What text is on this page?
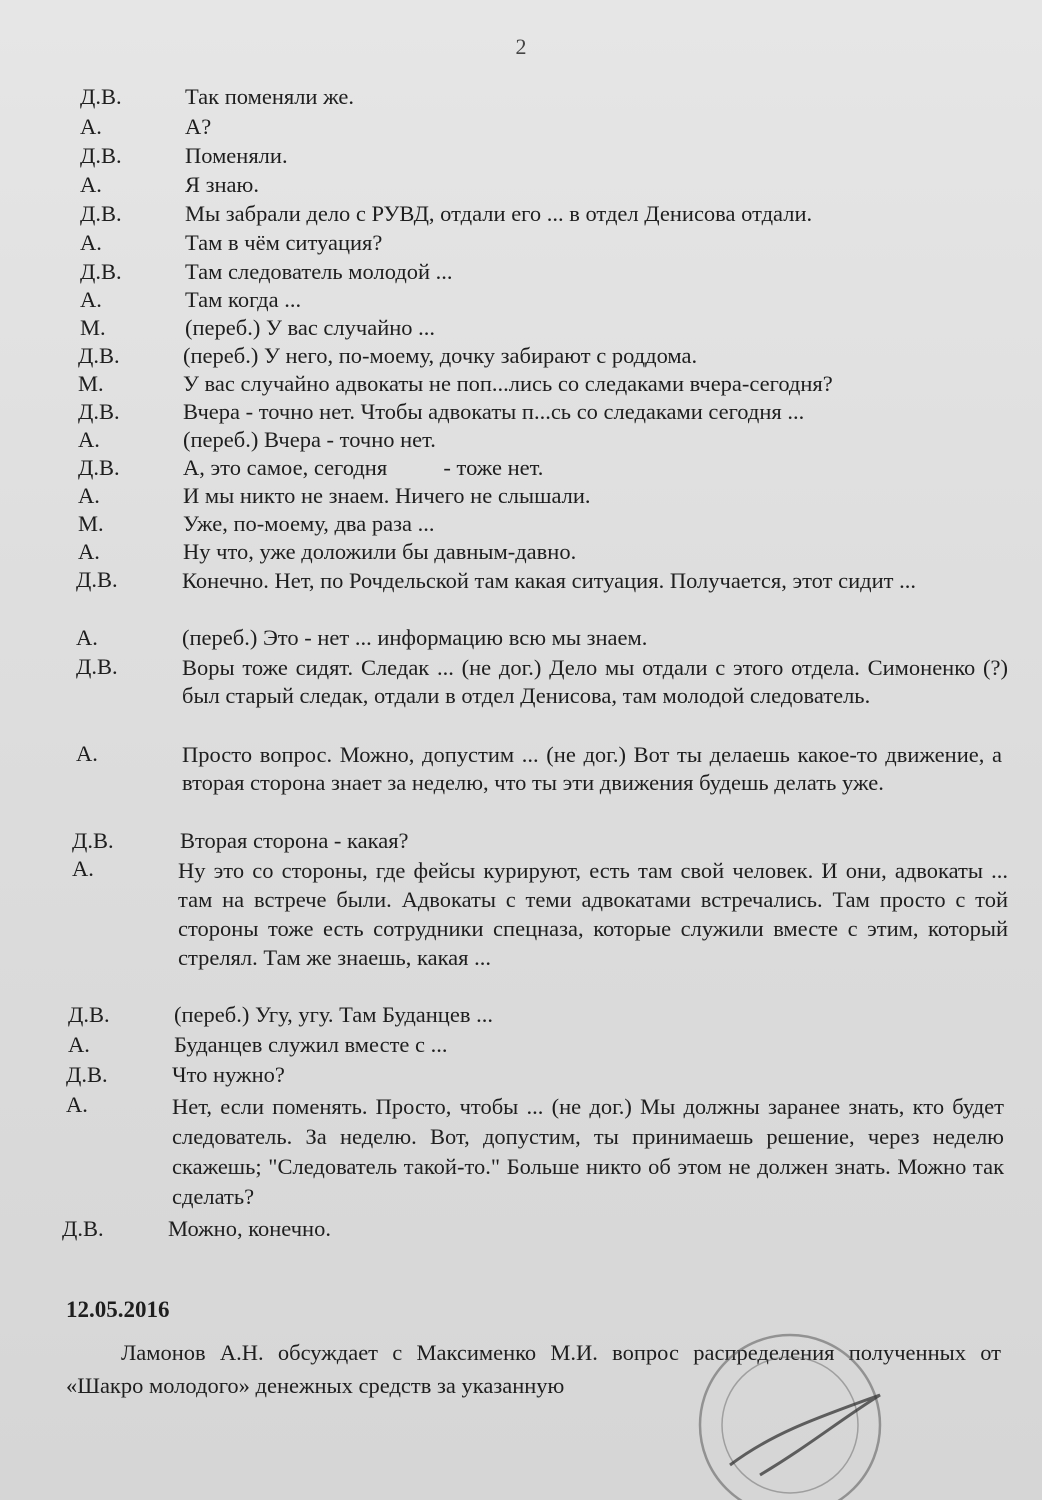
2
Д.В.	Так поменяли же.
А.	А?
Д.В.	Поменяли.
А.	Я знаю.
Д.В.	Мы забрали дело с РУВД, отдали его ... в отдел Денисова отдали.
А.	Там в чём ситуация?
Д.В.	Там следователь молодой ...
А.	Там когда ...
М.	(переб.) У вас случайно ...
Д.В.	(переб.) У него, по-моему, дочку забирают с роддома.
М.	У вас случайно адвокаты не поп...лись со следаками вчера-сегодня?
Д.В.	Вчера - точно нет. Чтобы адвокаты п...сь со следаками сегодня ...
А.	(переб.) Вчера - точно нет.
Д.В.	А, это самое, сегодня          - тоже нет.
А.	И мы никто не знаем. Ничего не слышали.
М.	Уже, по-моему, два раза ...
А.	Ну что, уже доложили бы давным-давно.
Д.В.	Конечно. Нет, по Рочдельской там какая ситуация. Получается, этот сидит ...
А.	(переб.) Это - нет ... информацию всю мы знаем.
Д.В.	Воры тоже сидят. Следак ... (не дог.) Дело мы отдали с этого отдела. Симоненко (?) был старый следак, отдали в отдел Денисова, там молодой следователь.
А.	Просто вопрос. Можно, допустим ... (не дог.) Вот ты делаешь какое-то движение, а вторая сторона знает за неделю, что ты эти движения будешь делать уже.
Д.В.	Вторая сторона - какая?
А.	Ну это со стороны, где фейсы курируют, есть там свой человек. И они, адвокаты ... там на встрече были. Адвокаты с теми адвокатами встречались. Там просто с той стороны тоже есть сотрудники спецназа, которые служили вместе с этим, который стрелял. Там же знаешь, какая ...
Д.В.	(переб.) Угу, угу. Там Буданцев ...
А.	Буданцев служил вместе с ...
Д.В.	Что нужно?
А.	Нет, если поменять. Просто, чтобы ... (не дог.) Мы должны заранее знать, кто будет следователь. За неделю. Вот, допустим, ты принимаешь решение, через неделю скажешь; "Следователь такой-то." Больше никто об этом не должен знать. Можно так сделать?
Д.В.	Можно, конечно.
12.05.2016
Ламонов А.Н. обсуждает с Максименко М.И. вопрос распределения полученных от «Шакро молодого» денежных средств за указанную
